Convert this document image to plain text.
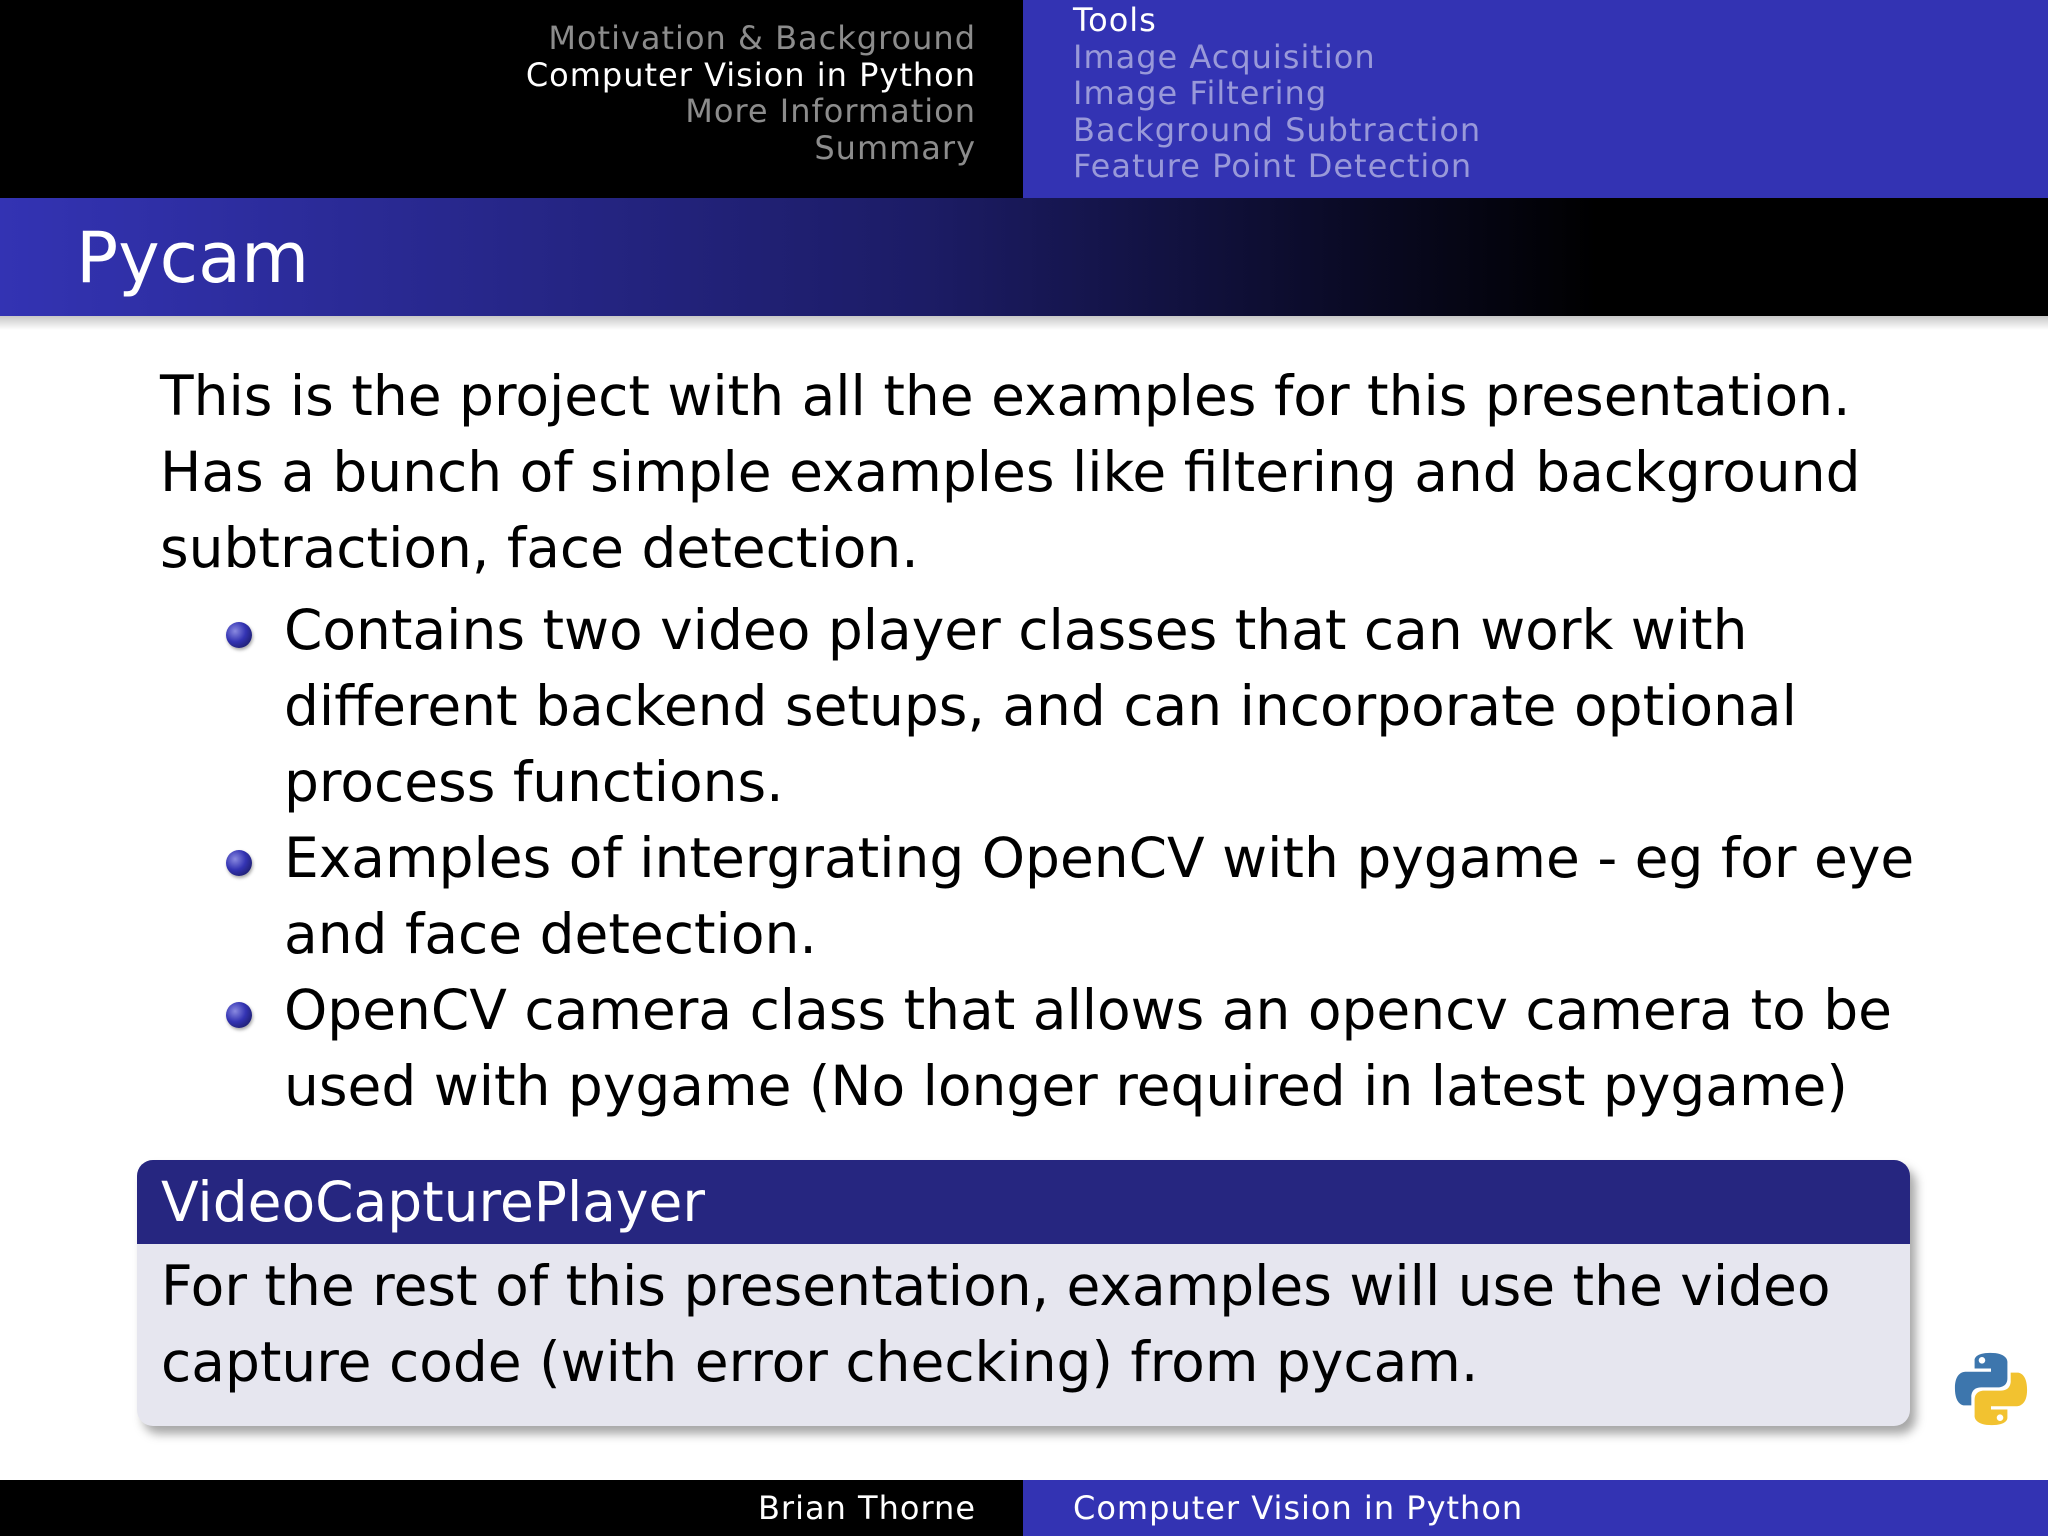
Motivation & Background
Computer Vision in Python
More Information
Summary
Tools
Image Acquisition
Image Filtering
Background Subtraction
Feature Point Detection
Pycam

This is the project with all the examples for this presentation. Has a bunch of simple examples like filtering and background subtraction, face detection.

Contains two video player classes that can work with different backend setups, and can incorporate optional process functions.
Examples of intergrating OpenCV with pygame - eg for eye and face detection.
OpenCV camera class that allows an opencv camera to be used with pygame (No longer required in latest pygame)
VideoCapturePlayer

For the rest of this presentation, examples will use the video capture code (with error checking) from pycam.

Brian Thorne	Computer Vision in Python
